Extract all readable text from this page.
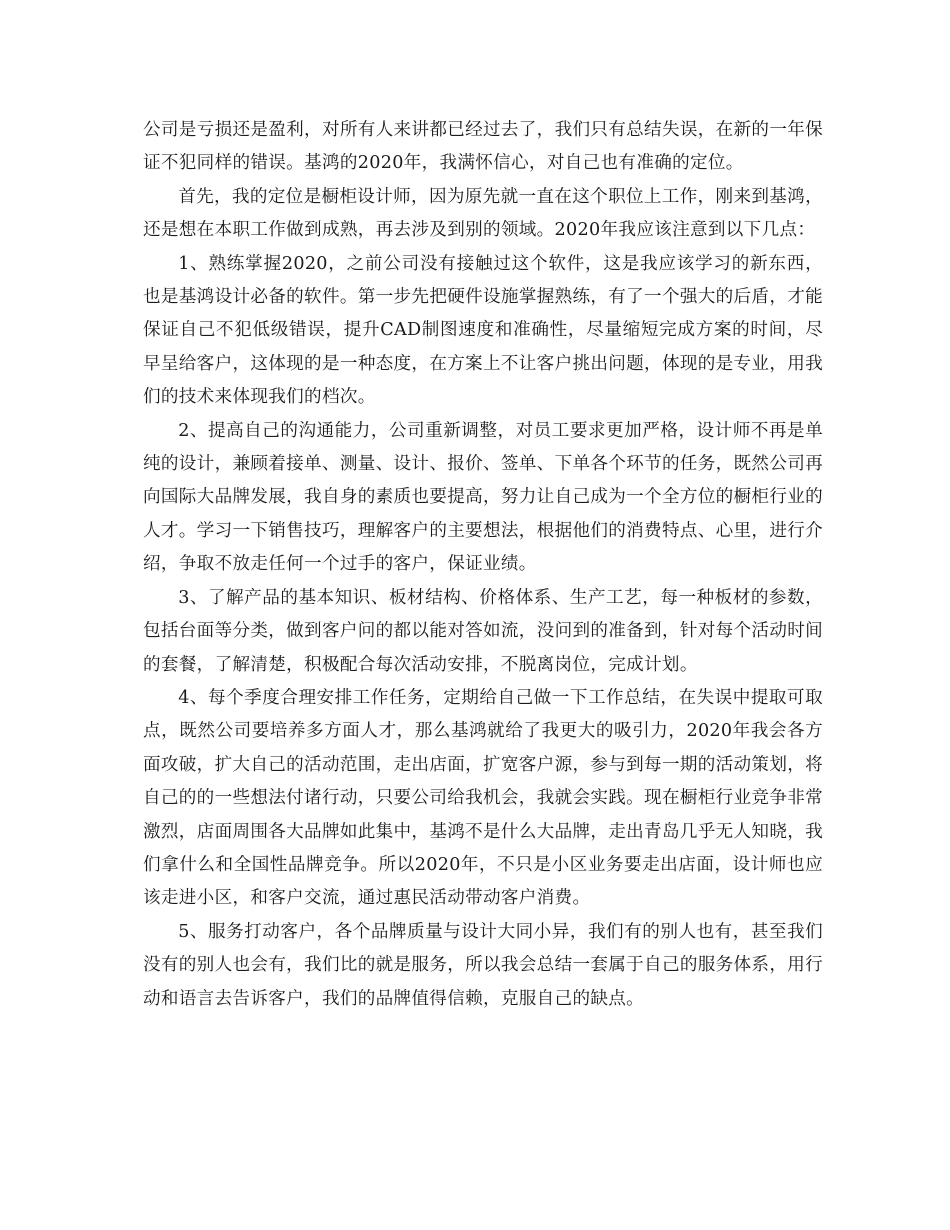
公司是亏损还是盈利，对所有人来讲都已经过去了，我们只有总结失误，在新的一年保证不犯同样的错误。基鸿的2020年，我满怀信心，对自己也有准确的定位。

首先，我的定位是橱柜设计师，因为原先就一直在这个职位上工作，刚来到基鸿，还是想在本职工作做到成熟，再去涉及到别的领域。2020年我应该注意到以下几点：

1、熟练掌握2020，之前公司没有接触过这个软件，这是我应该学习的新东西，也是基鸿设计必备的软件。第一步先把硬件设施掌握熟练，有了一个强大的后盾，才能保证自己不犯低级错误，提升CAD制图速度和准确性，尽量缩短完成方案的时间，尽早呈给客户，这体现的是一种态度，在方案上不让客户挑出问题，体现的是专业，用我们的技术来体现我们的档次。

2、提高自己的沟通能力，公司重新调整，对员工要求更加严格，设计师不再是单纯的设计，兼顾着接单、测量、设计、报价、签单、下单各个环节的任务，既然公司再向国际大品牌发展，我自身的素质也要提高，努力让自己成为一个全方位的橱柜行业的人才。学习一下销售技巧，理解客户的主要想法，根据他们的消费特点、心里，进行介绍，争取不放走任何一个过手的客户，保证业绩。

3、了解产品的基本知识、板材结构、价格体系、生产工艺，每一种板材的参数，包括台面等分类，做到客户问的都以能对答如流，没问到的准备到，针对每个活动时间的套餐，了解清楚，积极配合每次活动安排，不脱离岗位，完成计划。

4、每个季度合理安排工作任务，定期给自己做一下工作总结，在失误中提取可取点，既然公司要培养多方面人才，那么基鸿就给了我更大的吸引力，2020年我会各方面攻破，扩大自己的活动范围，走出店面，扩宽客户源，参与到每一期的活动策划，将自己的的一些想法付诸行动，只要公司给我机会，我就会实践。现在橱柜行业竞争非常激烈，店面周围各大品牌如此集中，基鸿不是什么大品牌，走出青岛几乎无人知晓，我们拿什么和全国性品牌竞争。所以2020年，不只是小区业务要走出店面，设计师也应该走进小区，和客户交流，通过惠民活动带动客户消费。

5、服务打动客户，各个品牌质量与设计大同小异，我们有的别人也有，甚至我们没有的别人也会有，我们比的就是服务，所以我会总结一套属于自己的服务体系，用行动和语言去告诉客户，我们的品牌值得信赖，克服自己的缺点。
